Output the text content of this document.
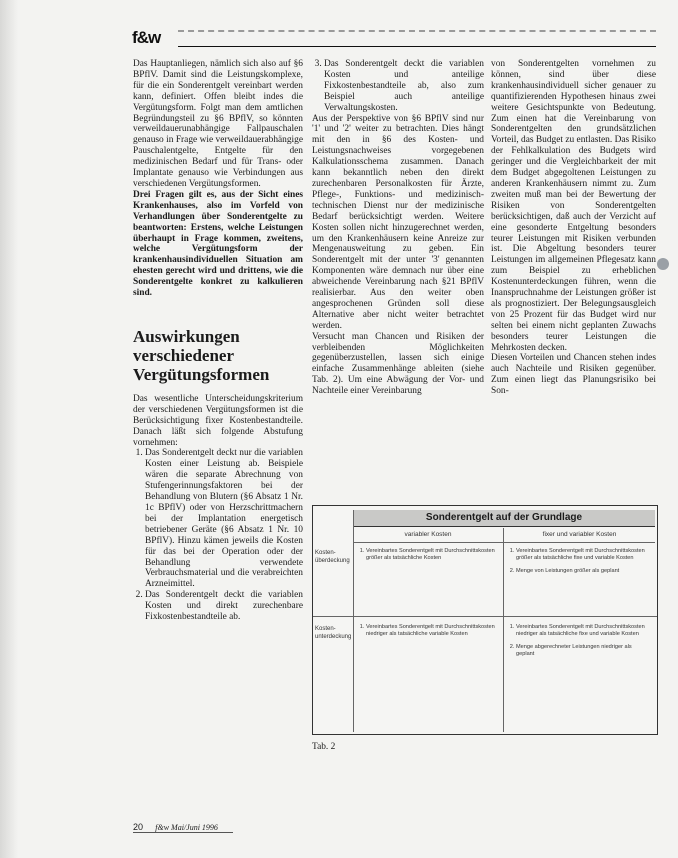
f&w

Das Hauptanliegen, nämlich sich also auf §6 BPflV. Damit sind die Leistungskomplexe, für die ein Sonderentgelt vereinbart werden kann, definiert. Offen bleibt indes die Vergütungsform. Folgt man dem amtlichen Begründungsteil zu §6 BPflV, so könnten verweildauerunabhängige Fallpauschalen genauso in Frage wie verweildauerabhängige Pauschalentgelte, Entgelte für den medizinischen Bedarf und für Trans- oder Implantate genauso wie Verbindungen aus verschiedenen Vergütungsformen.

Drei Fragen gilt es, aus der Sicht eines Krankenhauses, also im Vorfeld von Verhandlungen über Sonderentgelte zu beantworten: Erstens, welche Leistungen überhaupt in Frage kommen, zweitens, welche Vergütungsform der krankenhausindividuellen Situation am ehesten gerecht wird und drittens, wie die Sonderentgelte konkret zu kalkulieren sind.

Auswirkungen verschiedener Vergütungsformen

Das wesentliche Unterscheidungskriterium der verschiedenen Vergütungsformen ist die Berücksichtigung fixer Kostenbestandteile. Danach läßt sich folgende Abstufung vornehmen:

1. Das Sonderentgelt deckt nur die variablen Kosten einer Leistung ab. Beispiele wären die separate Abrechnung von Stufengerinnungsfaktoren bei der Behandlung von Blutern (§6 Absatz 1 Nr. 1c BPflV) oder von Herzschrittmachern bei der Implantation energetisch betriebener Geräte (§6 Absatz 1 Nr. 10 BPflV). Hinzu kämen jeweils die Kosten für das bei der Operation oder der Behandlung verwendete Verbrauchsmaterial und die verabreichten Arzneimittel.
2. Das Sonderentgelt deckt die variablen Kosten und direkt zurechenbare Fixkostenbestandteile ab.
3. Das Sonderentgelt deckt die variablen Kosten und anteilige Fixkostenbestandteile ab, also zum Beispiel auch anteilige Verwaltungskosten.

Aus der Perspektive von §6 BPflV sind nur '1' und '2' weiter zu betrachten. Dies hängt mit den in §6 des Kosten- und Leistungsnachweises vorgegebenen Kalkulationsschema zusammen. Danach kann bekanntlich neben den direkt zurechenbaren Personalkosten für Ärzte, Pflege-, Funktions- und medizinisch-technischen Dienst nur der medizinische Bedarf berücksichtigt werden. Weitere Kosten sollen nicht hinzugerechnet werden, um den Krankenhäusern keine Anreize zur Mengenausweitung zu geben. Ein Sonderentgelt mit der unter '3' genannten Komponenten wäre demnach nur über eine abweichende Vereinbarung nach §21 BPflV realisierbar. Aus den weiter oben angesprochenen Gründen soll diese Alternative aber nicht weiter betrachtet werden.

Versucht man Chancen und Risiken der verbleibenden Möglichkeiten gegenüberzustellen, lassen sich einige einfache Zusammenhänge ableiten (siehe Tab. 2). Um eine Abwägung der Vor- und Nachteile einer Vereinbarung

von Sonderentgelten vornehmen zu können, sind über diese krankenhausindividuell sicher genauer zu quantifizierenden Hypothesen hinaus zwei weitere Gesichtspunkte von Bedeutung. Zum einen hat die Vereinbarung von Sonderentgelten den grundsätzlichen Vorteil, das Budget zu entlasten. Das Risiko der Fehlkalkulation des Budgets wird geringer und die Vergleichbarkeit der mit dem Budget abgegoltenen Leistungen zu anderen Krankenhäusern nimmt zu. Zum zweiten muß man bei der Bewertung der Risiken von Sonderentgelten berücksichtigen, daß auch der Verzicht auf eine gesonderte Entgeltung besonders teurer Leistungen mit Risiken verbunden ist. Die Abgeltung besonders teurer Leistungen im allgemeinen Pflegesatz kann zum Beispiel zu erheblichen Kostenunterdeckungen führen, wenn die Inanspruchnahme der Leistungen größer ist als prognostiziert. Der Belegungsausgleich von 25 Prozent für das Budget wird nur selten bei einem nicht geplanten Zuwachs besonders teurer Leistungen die Mehrkosten decken.

Diesen Vorteilen und Chancen stehen indes auch Nachteile und Risiken gegenüber. Zum einen liegt das Planungsrisiko bei Son-

Sonderentgelt auf der Grundlage
variabler Kosten	fixer und variabler Kosten
Kosten-überdeckung
Kosten-unterdeckung
1. Vereinbartes Sonderentgelt mit Durchschnittskosten größer als tatsächliche Kosten
1. Vereinbartes Sonderentgelt mit Durchschnittskosten größer als tatsächliche fixe und variable Kosten
2. Menge von Leistungen größer als geplant
1. Vereinbartes Sonderentgelt mit Durchschnittskosten niedriger als tatsächliche variable Kosten
1. Vereinbartes Sonderentgelt mit Durchschnittskosten niedriger als tatsächliche fixe und variable Kosten
2. Menge abgerechneter Leistungen niedriger als geplant
Tab. 2
20 f&w Mai/Juni 1996
